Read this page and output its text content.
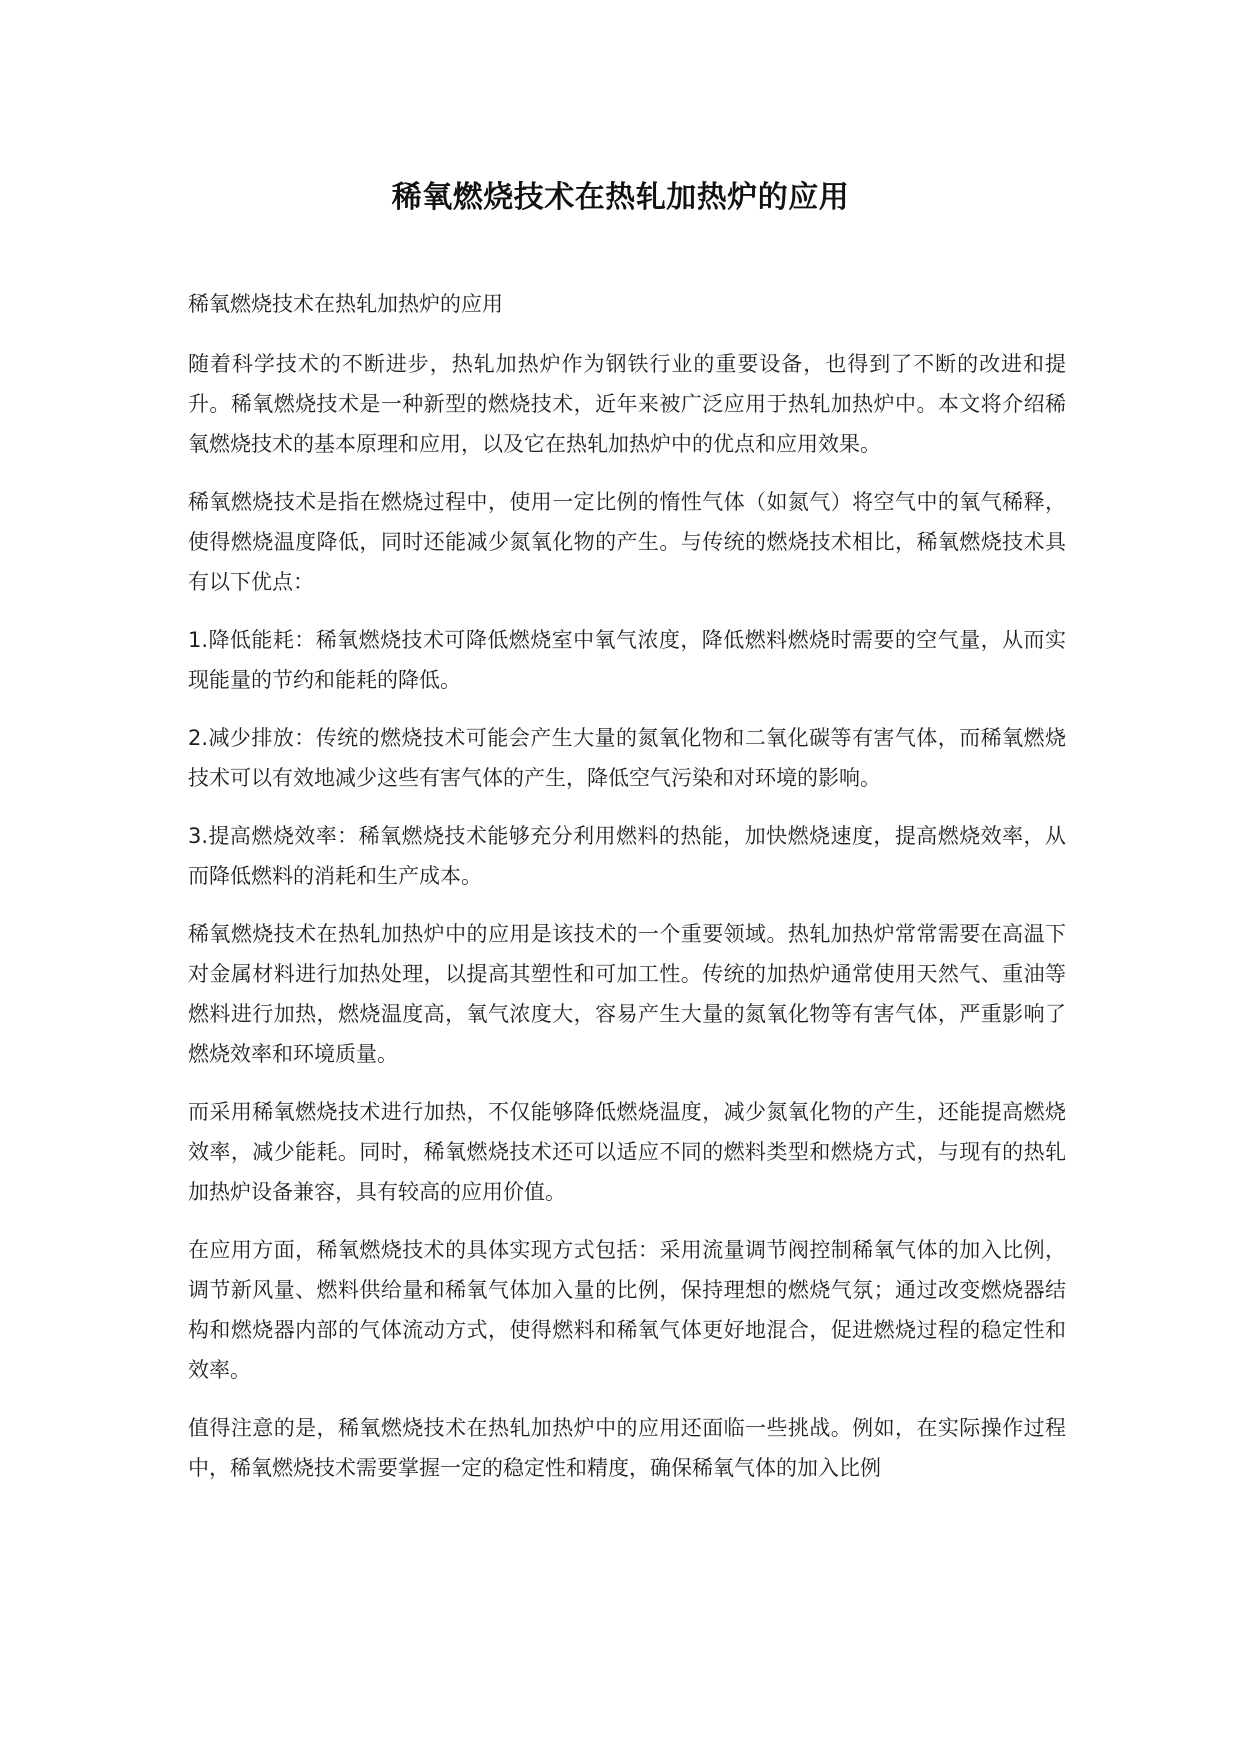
稀氧燃烧技术在热轧加热炉的应用

稀氧燃烧技术在热轧加热炉的应用

随着科学技术的不断进步，热轧加热炉作为钢铁行业的重要设备，也得到了不断的改进和提升。稀氧燃烧技术是一种新型的燃烧技术，近年来被广泛应用于热轧加热炉中。本文将介绍稀氧燃烧技术的基本原理和应用，以及它在热轧加热炉中的优点和应用效果。

稀氧燃烧技术是指在燃烧过程中，使用一定比例的惰性气体（如氮气）将空气中的氧气稀释，使得燃烧温度降低，同时还能减少氮氧化物的产生。与传统的燃烧技术相比，稀氧燃烧技术具有以下优点：

1.降低能耗：稀氧燃烧技术可降低燃烧室中氧气浓度，降低燃料燃烧时需要的空气量，从而实现能量的节约和能耗的降低。

2.减少排放：传统的燃烧技术可能会产生大量的氮氧化物和二氧化碳等有害气体，而稀氧燃烧技术可以有效地减少这些有害气体的产生，降低空气污染和对环境的影响。

3.提高燃烧效率：稀氧燃烧技术能够充分利用燃料的热能，加快燃烧速度，提高燃烧效率，从而降低燃料的消耗和生产成本。

稀氧燃烧技术在热轧加热炉中的应用是该技术的一个重要领域。热轧加热炉常常需要在高温下对金属材料进行加热处理，以提高其塑性和可加工性。传统的加热炉通常使用天然气、重油等燃料进行加热，燃烧温度高，氧气浓度大，容易产生大量的氮氧化物等有害气体，严重影响了燃烧效率和环境质量。

而采用稀氧燃烧技术进行加热，不仅能够降低燃烧温度，减少氮氧化物的产生，还能提高燃烧效率，减少能耗。同时，稀氧燃烧技术还可以适应不同的燃料类型和燃烧方式，与现有的热轧加热炉设备兼容，具有较高的应用价值。

在应用方面，稀氧燃烧技术的具体实现方式包括：采用流量调节阀控制稀氧气体的加入比例，调节新风量、燃料供给量和稀氧气体加入量的比例，保持理想的燃烧气氛；通过改变燃烧器结构和燃烧器内部的气体流动方式，使得燃料和稀氧气体更好地混合，促进燃烧过程的稳定性和效率。

值得注意的是，稀氧燃烧技术在热轧加热炉中的应用还面临一些挑战。例如，在实际操作过程中，稀氧燃烧技术需要掌握一定的稳定性和精度，确保稀氧气体的加入比例
